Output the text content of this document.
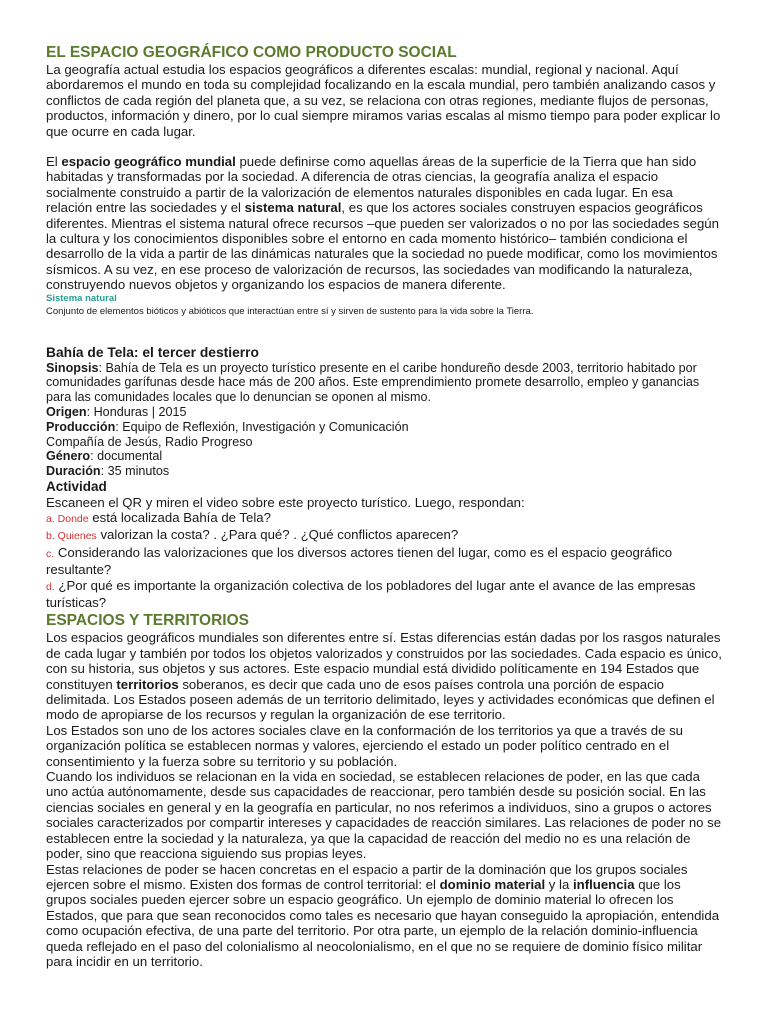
EL ESPACIO GEOGRÁFICO COMO PRODUCTO SOCIAL

La geografía actual estudia los espacios geográficos a diferentes escalas: mundial, regional y nacional. Aquí abordaremos el mundo en toda su complejidad focalizando en la escala mundial, pero también analizando casos y conflictos de cada región del planeta que, a su vez, se relaciona con otras regiones, mediante flujos de personas, productos, información y dinero, por lo cual siempre miramos varias escalas al mismo tiempo para poder explicar lo que ocurre en cada lugar.

El espacio geográfico mundial puede definirse como aquellas áreas de la superficie de la Tierra que han sido habitadas y transformadas por la sociedad. A diferencia de otras ciencias, la geografía analiza el espacio socialmente construido a partir de la valorización de elementos naturales disponibles en cada lugar. En esa relación entre las sociedades y el sistema natural, es que los actores sociales construyen espacios geográficos diferentes. Mientras el sistema natural ofrece recursos –que pueden ser valorizados o no por las sociedades según la cultura y los conocimientos disponibles sobre el entorno en cada momento histórico– también condiciona el desarrollo de la vida a partir de las dinámicas naturales que la sociedad no puede modificar, como los movimientos sísmicos. A su vez, en ese proceso de valorización de recursos, las sociedades van modificando la naturaleza, construyendo nuevos objetos y organizando los espacios de manera diferente.

Sistema natural
Conjunto de elementos bióticos y abióticos que interactúan entre sí y sirven de sustento para la vida sobre la Tierra.
Bahía de Tela: el tercer destierro
Sinopsis: Bahía de Tela es un proyecto turístico presente en el caribe hondureño desde 2003, territorio habitado por comunidades garífunas desde hace más de 200 años. Este emprendimiento promete desarrollo, empleo y ganancias para las comunidades locales que lo denuncian se oponen al mismo.
Origen: Honduras | 2015
Producción: Equipo de Reflexión, Investigación y Comunicación
Compañía de Jesús, Radio Progreso
Género: documental
Duración: 35 minutos
Actividad

Escaneen el QR y miren el video sobre este proyecto turístico. Luego, respondan:

a. Donde está localizada Bahía de Tela?

b. Quienes valorizan la costa? . ¿Para qué? . ¿Qué conflictos aparecen?

c. Considerando las valorizaciones que los diversos actores tienen del lugar, como es el espacio geográfico resultante?

d. ¿Por qué es importante la organización colectiva de los pobladores del lugar ante el avance de las empresas turísticas?

ESPACIOS Y TERRITORIOS

Los espacios geográficos mundiales son diferentes entre sí. Estas diferencias están dadas por los rasgos naturales de cada lugar y también por todos los objetos valorizados y construidos por las sociedades. Cada espacio es único, con su historia, sus objetos y sus actores. Este espacio mundial está dividido políticamente en 194 Estados que constituyen territorios soberanos, es decir que cada uno de esos países controla una porción de espacio delimitada. Los Estados poseen además de un territorio delimitado, leyes y actividades económicas que definen el modo de apropiarse de los recursos y regulan la organización de ese territorio.

Los Estados son uno de los actores sociales clave en la conformación de los territorios ya que a través de su organización política se establecen normas y valores, ejerciendo el estado un poder político centrado en el consentimiento y la fuerza sobre su territorio y su población.

Cuando los individuos se relacionan en la vida en sociedad, se establecen relaciones de poder, en las que cada uno actúa autónomamente, desde sus capacidades de reaccionar, pero también desde su posición social. En las ciencias sociales en general y en la geografía en particular, no nos referimos a individuos, sino a grupos o actores sociales caracterizados por compartir intereses y capacidades de reacción similares. Las relaciones de poder no se establecen entre la sociedad y la naturaleza, ya que la capacidad de reacción del medio no es una relación de poder, sino que reacciona siguiendo sus propias leyes.

Estas relaciones de poder se hacen concretas en el espacio a partir de la dominación que los grupos sociales ejercen sobre el mismo. Existen dos formas de control territorial: el dominio material y la influencia que los grupos sociales pueden ejercer sobre un espacio geográfico. Un ejemplo de dominio material lo ofrecen los Estados, que para que sean reconocidos como tales es necesario que hayan conseguido la apropiación, entendida como ocupación efectiva, de una parte del territorio. Por otra parte, un ejemplo de la relación dominio-influencia queda reflejado en el paso del colonialismo al neocolonialismo, en el que no se requiere de dominio físico militar para incidir en un territorio.
